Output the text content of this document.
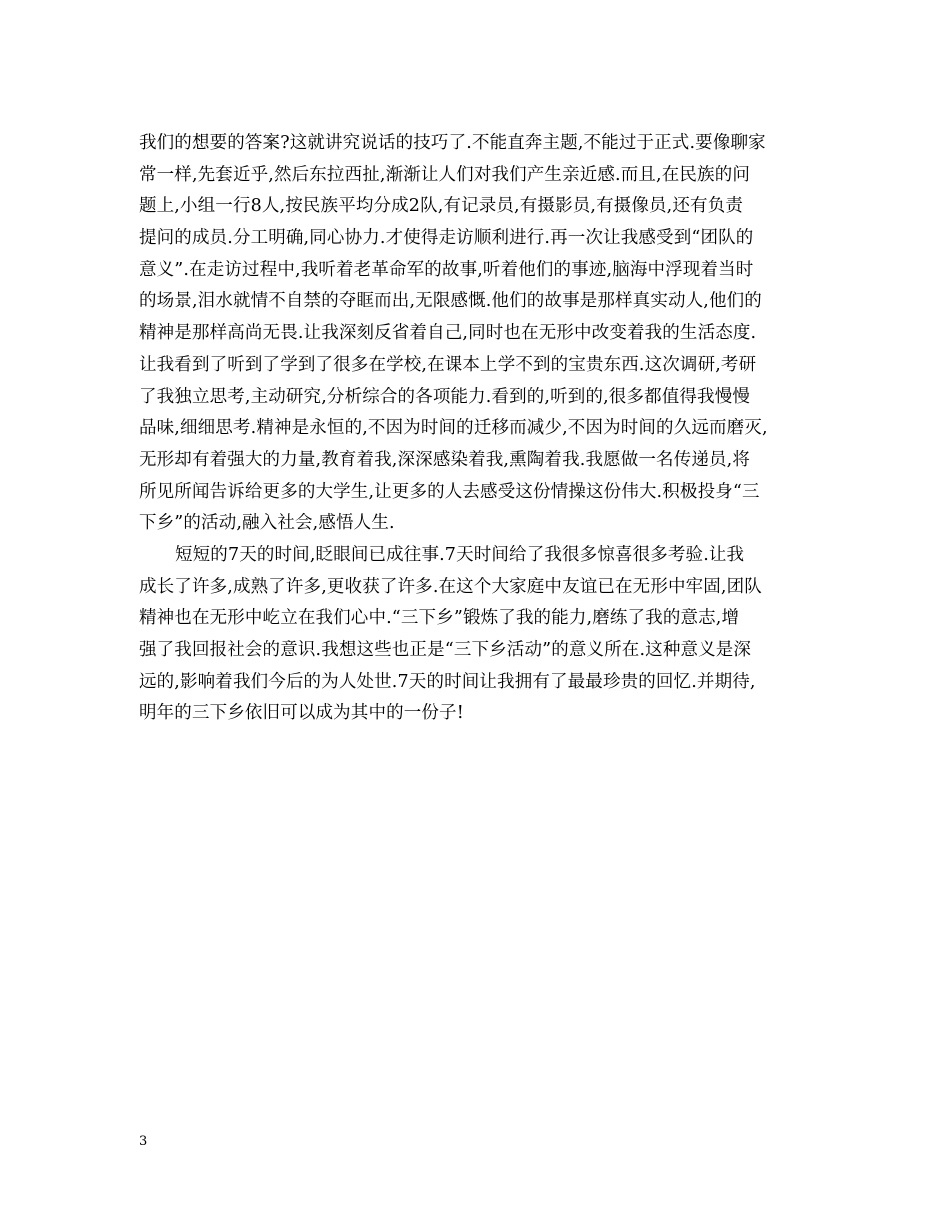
我们的想要的答案?这就讲究说话的技巧了.不能直奔主题,不能过于正式.要像聊家
常一样,先套近乎,然后东拉西扯,渐渐让人们对我们产生亲近感.而且,在民族的问
题上,小组一行8人,按民族平均分成2队,有记录员,有摄影员,有摄像员,还有负责
提问的成员.分工明确,同心协力.才使得走访顺利进行.再一次让我感受到“团队的
意义”.在走访过程中,我听着老革命军的故事,听着他们的事迹,脑海中浮现着当时
的场景,泪水就情不自禁的夺眶而出,无限感慨.他们的故事是那样真实动人,他们的
精神是那样高尚无畏.让我深刻反省着自己,同时也在无形中改变着我的生活态度.
让我看到了听到了学到了很多在学校,在课本上学不到的宝贵东西.这次调研,考研
了我独立思考,主动研究,分析综合的各项能力.看到的,听到的,很多都值得我慢慢
品味,细细思考.精神是永恒的,不因为时间的迁移而减少,不因为时间的久远而磨灭,
无形却有着强大的力量,教育着我,深深感染着我,熏陶着我.我愿做一名传递员,将
所见所闻告诉给更多的大学生,让更多的人去感受这份情操这份伟大.积极投身“三
下乡”的活动,融入社会,感悟人生.
短短的7天的时间,眨眼间已成往事.7天时间给了我很多惊喜很多考验.让我
成长了许多,成熟了许多,更收获了许多.在这个大家庭中友谊已在无形中牢固,团队
精神也在无形中屹立在我们心中.“三下乡”锻炼了我的能力,磨练了我的意志,增
强了我回报社会的意识.我想这些也正是“三下乡活动”的意义所在.这种意义是深
远的,影响着我们今后的为人处世.7天的时间让我拥有了最最珍贵的回忆.并期待,
明年的三下乡依旧可以成为其中的一份子!
3
